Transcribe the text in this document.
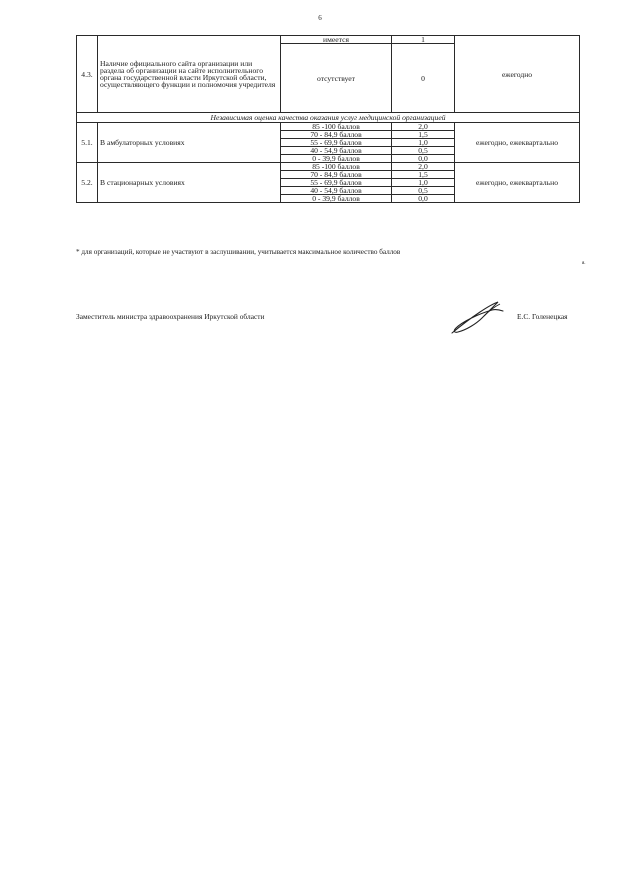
6
4.3.	Наличие официального сайта организации или раздела об организации на сайте исполнительного органа государственной власти Иркутской области, осуществляющего функции и полномочия учредителя	имеется	1	ежегодно
		отсутствует	0	
Независимая оценка качества оказания услуг медицинской организацией				
5.1.	В амбулаторных условиях	85 -100 баллов	2,0	ежегодно, ежеквартально
		70 - 84,9 баллов	1,5	
		55 - 69,9 баллов	1,0	
		40 - 54,9 баллов	0,5	
		0 - 39,9 баллов	0,0	
5.2.	В стационарных условиях	85 -100 баллов	2,0	ежегодно, ежеквартально
		70 - 84,9 баллов	1,5	
		55 - 69,9 баллов	1,0	
		40 - 54,9 баллов	0,5	
		0 - 39,9 баллов	0,0	
* для организаций, которые не участвуют в заслушивании, учитывается максимальное количество баллов
я.
Заместитель министра здравоохранения Иркутской области	Е.С. Голенецкая
